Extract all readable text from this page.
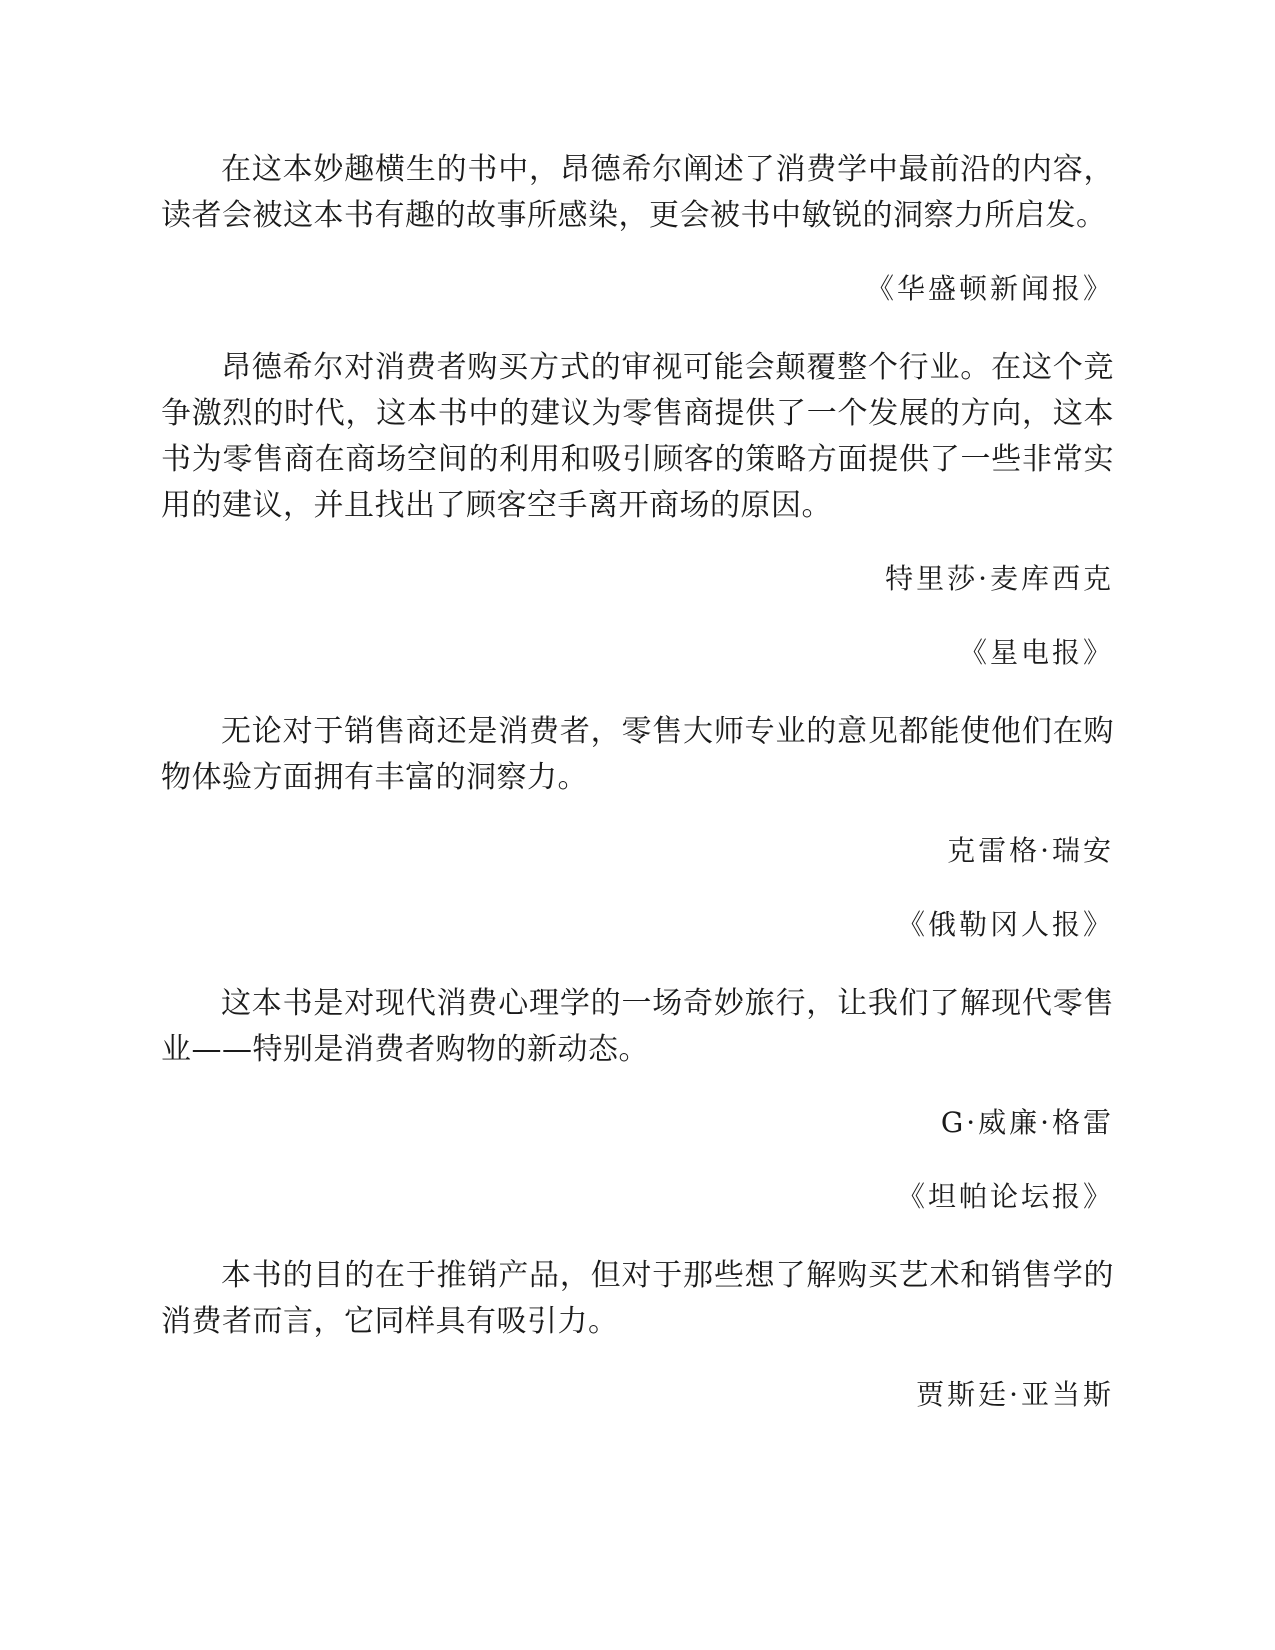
在这本妙趣横生的书中，昂德希尔阐述了消费学中最前沿的内容，读者会被这本书有趣的故事所感染，更会被书中敏锐的洞察力所启发。

《华盛顿新闻报》

昂德希尔对消费者购买方式的审视可能会颠覆整个行业。在这个竞争激烈的时代，这本书中的建议为零售商提供了一个发展的方向，这本书为零售商在商场空间的利用和吸引顾客的策略方面提供了一些非常实用的建议，并且找出了顾客空手离开商场的原因。

特里莎·麦库西克

《星电报》

无论对于销售商还是消费者，零售大师专业的意见都能使他们在购物体验方面拥有丰富的洞察力。

克雷格·瑞安

《俄勒冈人报》

这本书是对现代消费心理学的一场奇妙旅行，让我们了解现代零售业——特别是消费者购物的新动态。

G·威廉·格雷

《坦帕论坛报》

本书的目的在于推销产品，但对于那些想了解购买艺术和销售学的消费者而言，它同样具有吸引力。

贾斯廷·亚当斯
